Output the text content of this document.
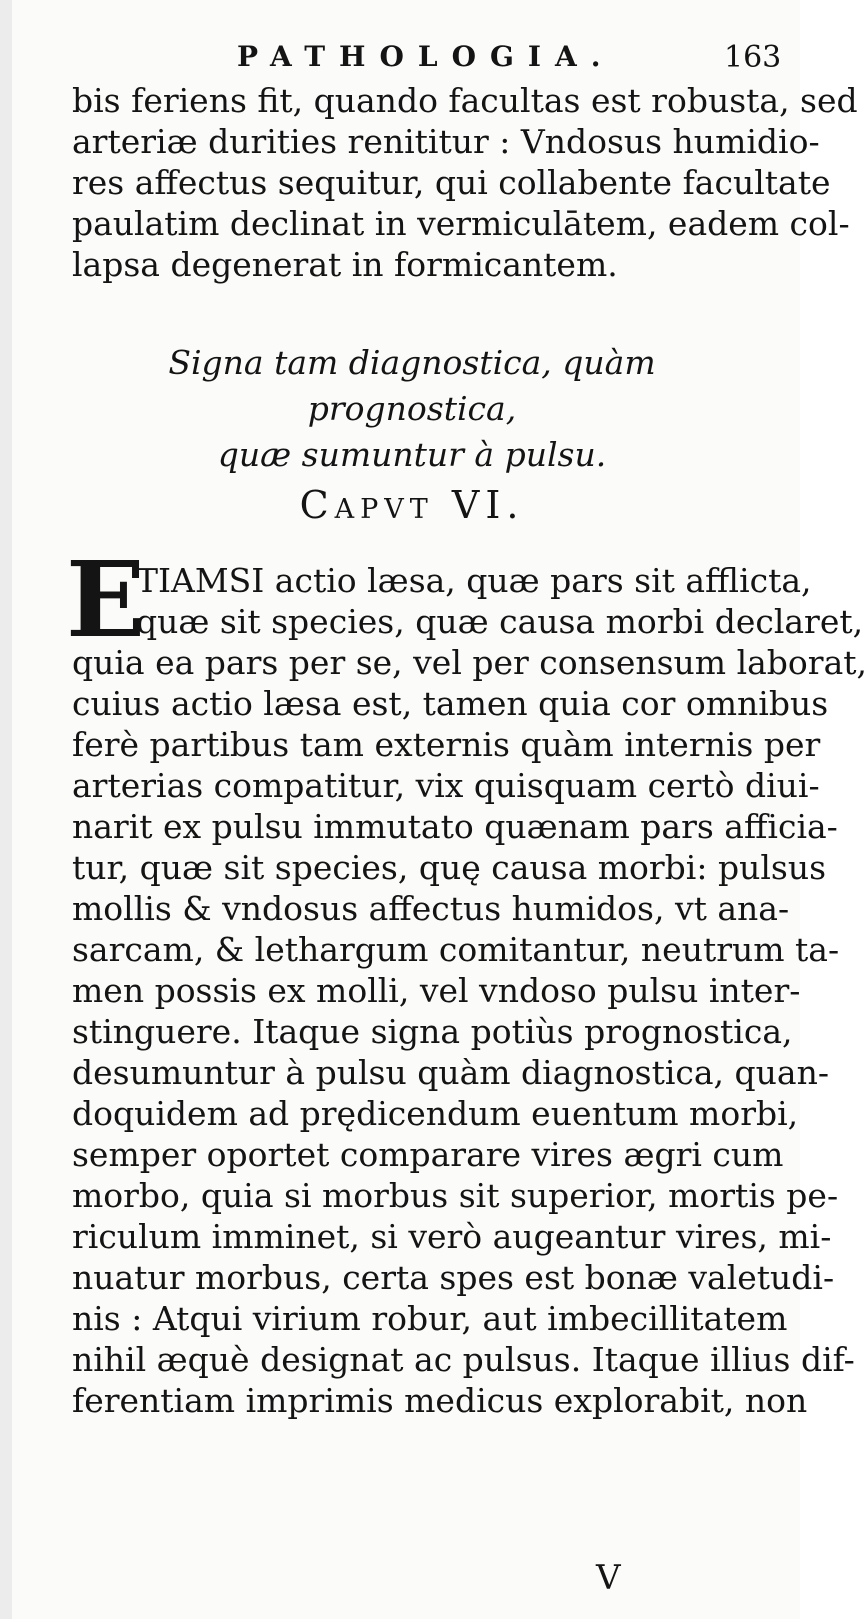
PATHOLOGIA.	163
bis feriens fit, quando facultas est robusta, sed
arteriæ durities renititur : Vndosus humidio-
res affectus sequitur, qui collabente facultate
paulatim declinat in vermiculātem, eadem col-
lapsa degenerat in formicantem.
Signa tam diagnostica, quàm prognostica,
quæ sumuntur à pulsu.
Capvt VI.
E
TIAMSI actio læsa, quæ pars sit afflicta,
quæ sit species, quæ causa morbi declaret,
quia ea pars per se, vel per consensum laborat,
cuius actio læsa est, tamen quia cor omnibus
ferè partibus tam externis quàm internis per
arterias compatitur, vix quisquam certò diui-
narit ex pulsu immutato quænam pars afficia-
tur, quæ sit species, quę causa morbi: pulsus
mollis & vndosus affectus humidos, vt ana-
sarcam, & lethargum comitantur, neutrum ta-
men possis ex molli, vel vndoso pulsu inter-
stinguere. Itaque signa potiùs prognostica,
desumuntur à pulsu quàm diagnostica, quan-
doquidem ad prędicendum euentum morbi,
semper oportet comparare vires ægri cum
morbo, quia si morbus sit superior, mortis pe-
riculum imminet, si verò augeantur vires, mi-
nuatur morbus, certa spes est bonæ valetudi-
nis : Atqui virium robur, aut imbecillitatem
nihil æquè designat ac pulsus. Itaque illius dif-
ferentiam imprimis medicus explorabit, non
V
